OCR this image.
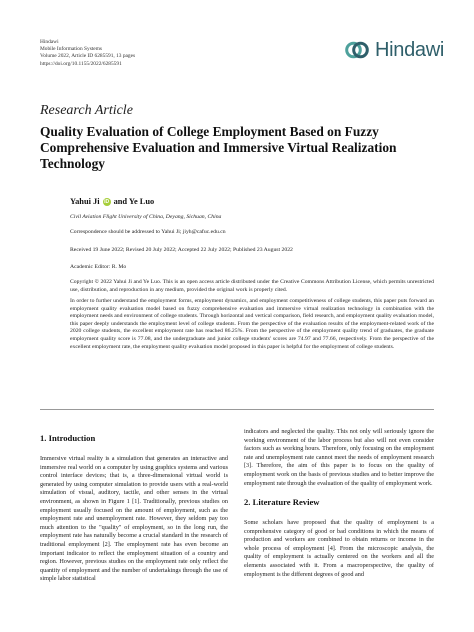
Hindawi
Mobile Information Systems
Volume 2022, Article ID 6285591, 13 pages
https://doi.org/10.1155/2022/6285591
Hindawi
Research Article
Quality Evaluation of College Employment Based on Fuzzy Comprehensive Evaluation and Immersive Virtual Realization Technology
Yahui Ji iD and Ye Luo
Civil Aviation Flight University of China, Deyang, Sichuan, China
Correspondence should be addressed to Yahui Ji; jiyh@cafuc.edu.cn
Received 19 June 2022; Revised 20 July 2022; Accepted 22 July 2022; Published 23 August 2022
Academic Editor: R. Mo
Copyright © 2022 Yahui Ji and Ye Luo. This is an open access article distributed under the Creative Commons Attribution License, which permits unrestricted use, distribution, and reproduction in any medium, provided the original work is properly cited.
In order to further understand the employment forms, employment dynamics, and employment competitiveness of college students, this paper puts forward an employment quality evaluation model based on fuzzy comprehensive evaluation and immersive virtual realization technology in combination with the employment needs and environment of college students. Through horizontal and vertical comparison, field research, and employment quality evaluation model, this paper deeply understands the employment level of college students. From the perspective of the evaluation results of the employment-related work of the 2020 college students, the excellent employment rate has reached 86.25%. From the perspective of the employment quality trend of graduates, the graduate employment quality score is 77.08, and the undergraduate and junior college students' scores are 74.97 and 77.66, respectively. From the perspective of the excellent employment rate, the employment quality evaluation model proposed in this paper is helpful for the employment of college students.
1. Introduction
Immersive virtual reality is a simulation that generates an interactive and immersive real world on a computer by using graphics systems and various control interface devices; that is, a three-dimensional virtual world is generated by using computer simulation to provide users with a real-world simulation of visual, auditory, tactile, and other senses in the virtual environment, as shown in Figure 1 [1]. Traditionally, previous studies on employment usually focused on the amount of employment, such as the employment rate and unemployment rate. However, they seldom pay too much attention to the "quality" of employment, so in the long run, the employment rate has naturally become a crucial standard in the research of traditional employment [2]. The employment rate has even become an important indicator to reflect the employment situation of a country and region. However, previous studies on the employment rate only reflect the quantity of employment and the number of undertakings through the use of simple labor statistical
indicators and neglected the quality. This not only will seriously ignore the working environment of the labor process but also will not even consider factors such as working hours. Therefore, only focusing on the employment rate and unemployment rate cannot meet the needs of employment research [3]. Therefore, the aim of this paper is to focus on the quality of employment work on the basis of previous studies and to better improve the employment rate through the evaluation of the quality of employment work.
2. Literature Review
Some scholars have proposed that the quality of employment is a comprehensive category of good or bad conditions in which the means of production and workers are combined to obtain returns or income in the whole process of employment [4]. From the microscopic analysis, the quality of employment is actually centered on the workers and all the elements associated with it. From a macroperspective, the quality of employment is the different degrees of good and
